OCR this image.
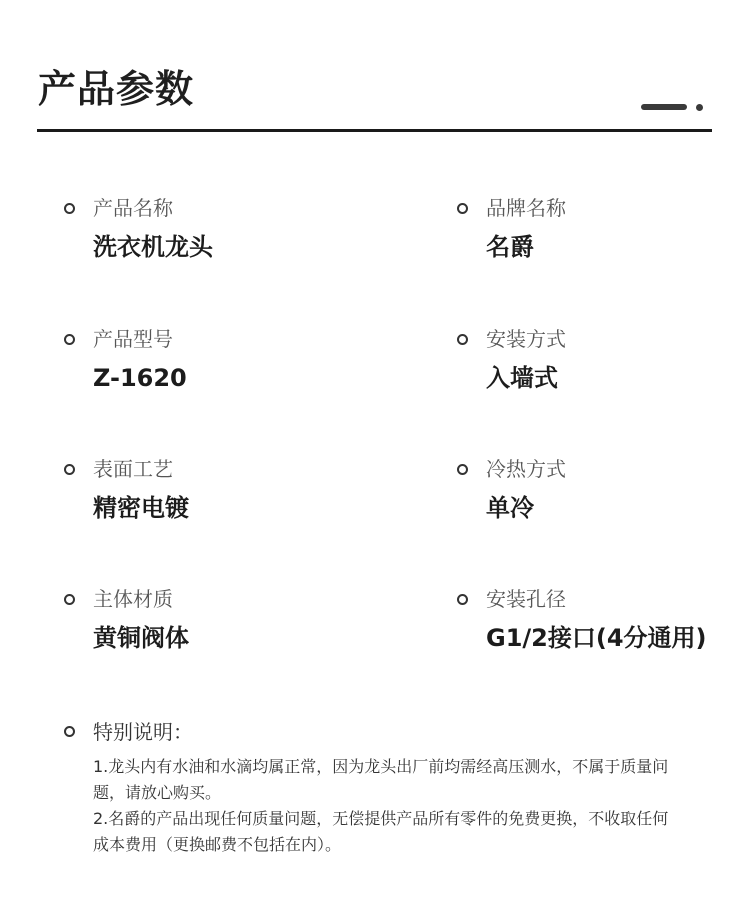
产品参数
产品名称
洗衣机龙头
品牌名称
名爵
产品型号
Z-1620
安装方式
入墙式
表面工艺
精密电镀
冷热方式
单冷
主体材质
黄铜阀体
安装孔径
G1/2接口(4分通用)
特别说明：

1.龙头内有水油和水滴均属正常，因为龙头出厂前均需经高压测水，不属于质量问

题，请放心购买。

2.名爵的产品出现任何质量问题，无偿提供产品所有零件的免费更换，不收取任何

成本费用（更换邮费不包括在内）。
